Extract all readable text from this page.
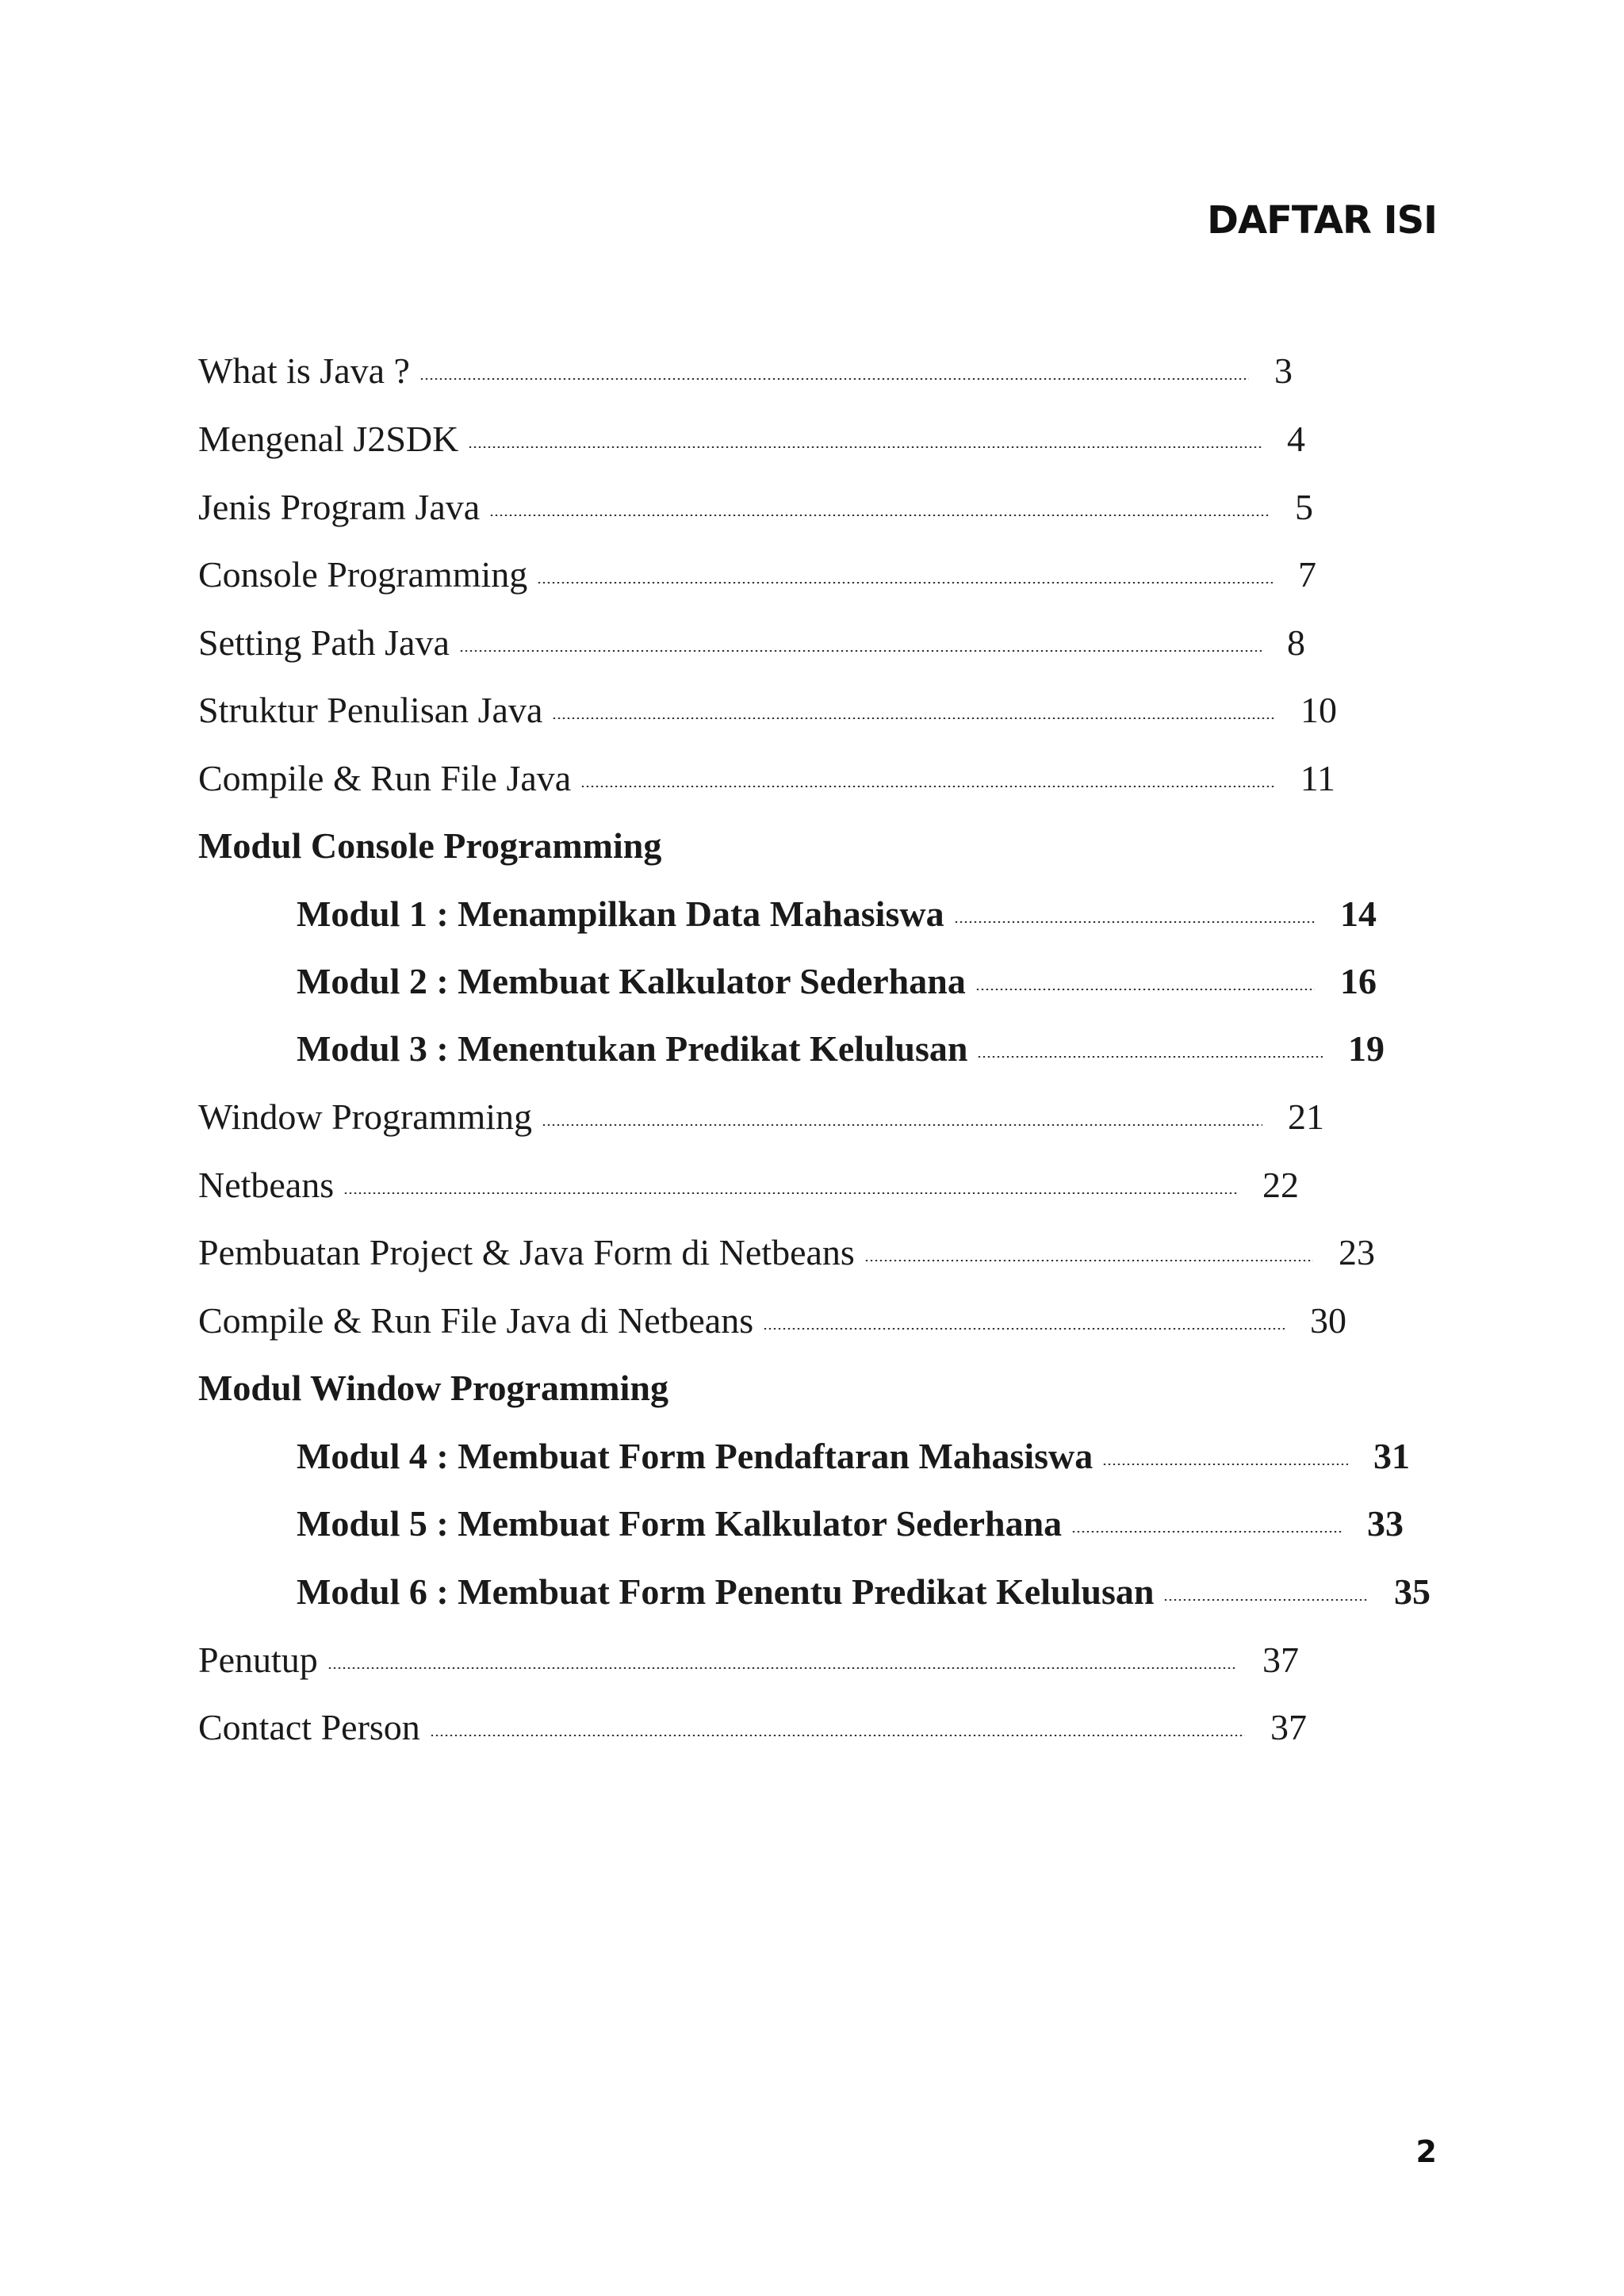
DAFTAR ISI
What is Java ?	3
Mengenal J2SDK	4
Jenis Program Java	5
Console Programming	7
Setting Path Java	8
Struktur Penulisan Java	10
Compile & Run File Java	11
Modul Console Programming
Modul 1 : Menampilkan Data Mahasiswa	14
Modul 2 : Membuat Kalkulator Sederhana	16
Modul 3 : Menentukan Predikat Kelulusan	19
Window Programming	21
Netbeans	22
Pembuatan Project & Java Form di Netbeans	23
Compile & Run File Java di Netbeans	30
Modul Window Programming
Modul 4 : Membuat Form Pendaftaran Mahasiswa	31
Modul 5 : Membuat Form Kalkulator Sederhana	33
Modul 6 : Membuat Form Penentu Predikat Kelulusan	35
Penutup	37
Contact Person	37
2
